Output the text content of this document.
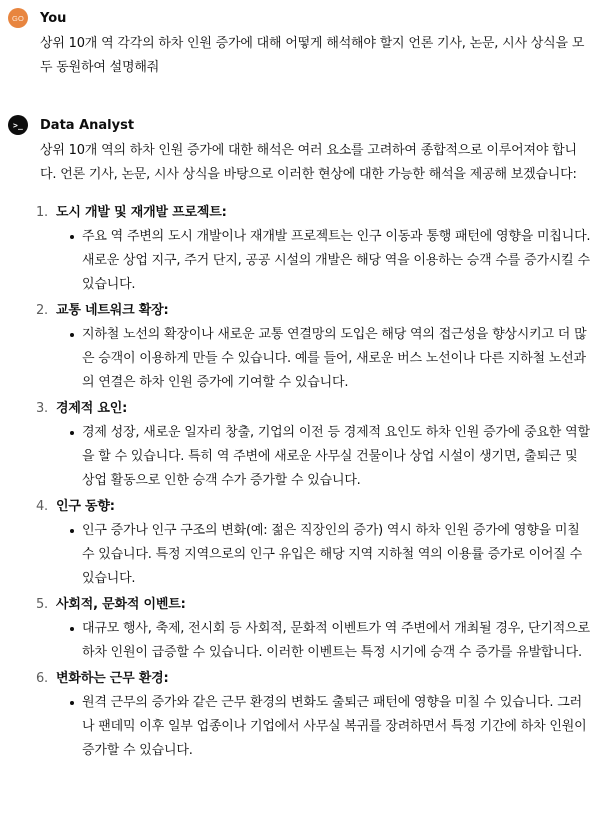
GO	You

상위 10개 역 각각의 하차 인원 증가에 대해 어떻게 해석해야 할지 언론 기사, 논문, 시사 상식을 모두 동원하여 설명해줘

>_	Data Analyst

상위 10개 역의 하차 인원 증가에 대한 해석은 여러 요소를 고려하여 종합적으로 이루어져야 합니다. 언론 기사, 논문, 시사 상식을 바탕으로 이러한 현상에 대한 가능한 해석을 제공해 보겠습니다:

1. 도시 개발 및 재개발 프로젝트:
주요 역 주변의 도시 개발이나 재개발 프로젝트는 인구 이동과 통행 패턴에 영향을 미칩니다. 새로운 상업 지구, 주거 단지, 공공 시설의 개발은 해당 역을 이용하는 승객 수를 증가시킬 수 있습니다.
2. 교통 네트워크 확장:
지하철 노선의 확장이나 새로운 교통 연결망의 도입은 해당 역의 접근성을 향상시키고 더 많은 승객이 이용하게 만들 수 있습니다. 예를 들어, 새로운 버스 노선이나 다른 지하철 노선과의 연결은 하차 인원 증가에 기여할 수 있습니다.
3. 경제적 요인:
경제 성장, 새로운 일자리 창출, 기업의 이전 등 경제적 요인도 하차 인원 증가에 중요한 역할을 할 수 있습니다. 특히 역 주변에 새로운 사무실 건물이나 상업 시설이 생기면, 출퇴근 및 상업 활동으로 인한 승객 수가 증가할 수 있습니다.
4. 인구 동향:
인구 증가나 인구 구조의 변화(예: 젊은 직장인의 증가) 역시 하차 인원 증가에 영향을 미칠 수 있습니다. 특정 지역으로의 인구 유입은 해당 지역 지하철 역의 이용률 증가로 이어질 수 있습니다.
5. 사회적, 문화적 이벤트:
대규모 행사, 축제, 전시회 등 사회적, 문화적 이벤트가 역 주변에서 개최될 경우, 단기적으로 하차 인원이 급증할 수 있습니다. 이러한 이벤트는 특정 시기에 승객 수 증가를 유발합니다.
6. 변화하는 근무 환경:
원격 근무의 증가와 같은 근무 환경의 변화도 출퇴근 패턴에 영향을 미칠 수 있습니다. 그러나 팬데믹 이후 일부 업종이나 기업에서 사무실 복귀를 장려하면서 특정 기간에 하차 인원이 증가할 수 있습니다.
